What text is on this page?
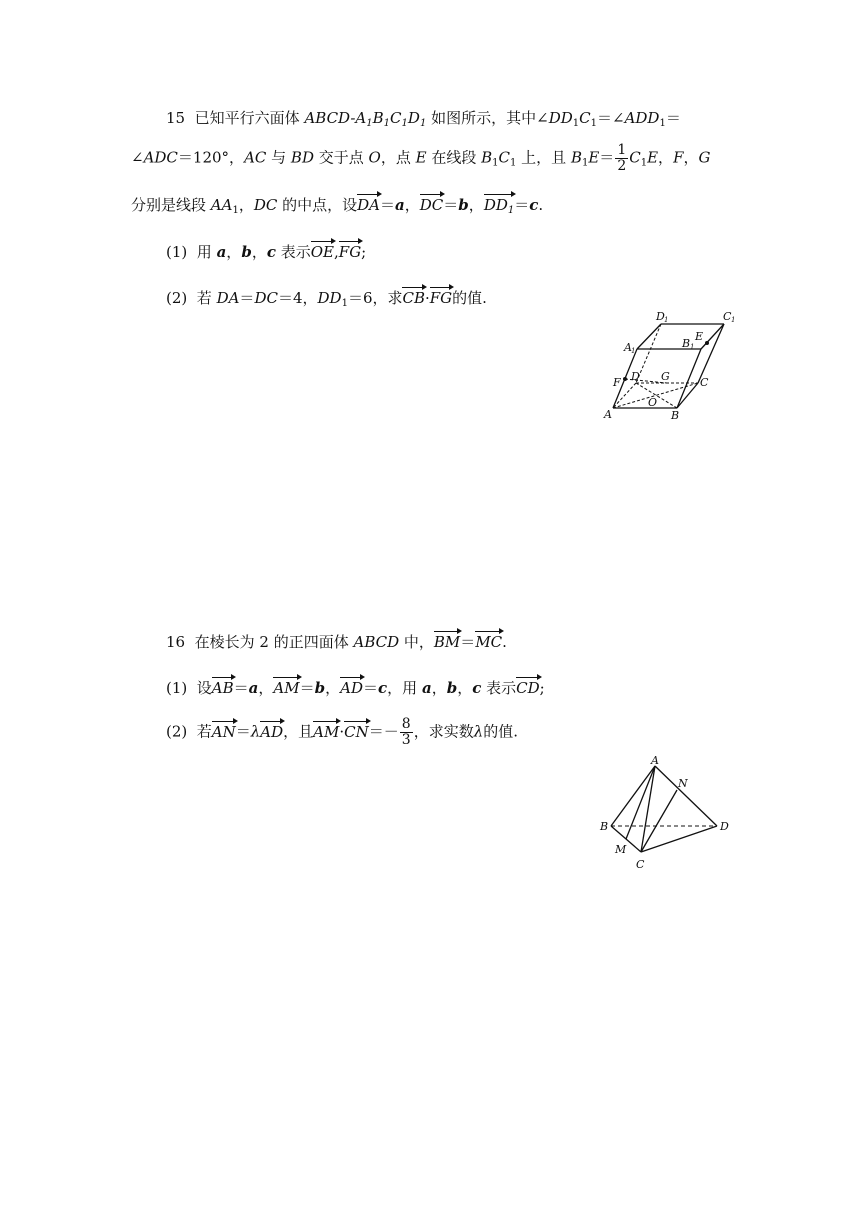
15 已知平行六面体 ABCD-$A_1B_1C_1D_1$ 如图所示，其中$\angle DD_1C_1=\angle ADD_1=$
∠ADC＝120°，AC 与 BD 交于点 O，点 E 在线段 $B_1C_1$ 上，且 $B_1E= \frac{1}{2} C_1E$，F，G
分别是线段 $AA_1$，DC 的中点，设DA＝a，DC＝b，$DD_1=c$.
(1)  用 a，b，c 表示OE,FG;
(2)  若 DA＝DC＝4，$DD_1=6$，求CB·FG的值.
D 1	C 1
A 1
B 1
E
F D G	C
A
O
B
16  在棱长为 2 的正四面体 ABCD 中，BM＝MC.
(1)  设AB＝a，AM＝b，AD＝c，用 a，b，c 表示CD;
(2)  若AN＝λAD，且$AM\cdot CN=- \frac{8}{3}$ ，求实数λ的值.
A
N
B	D
M
C
